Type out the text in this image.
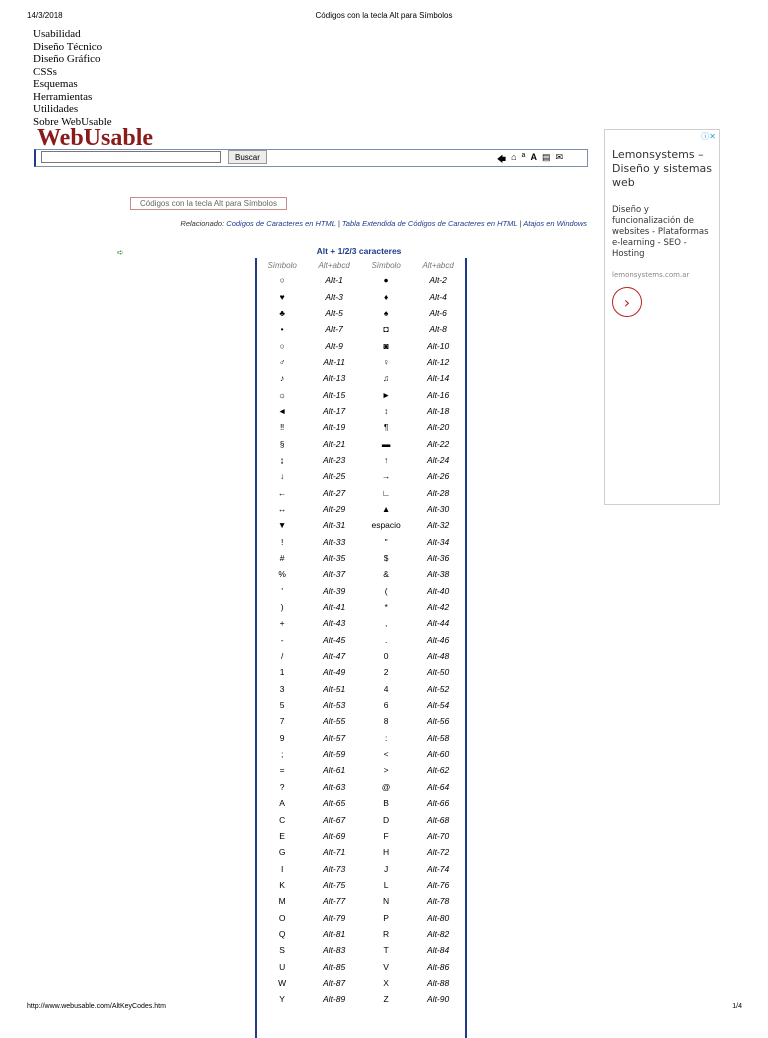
14/3/2018	Códigos con la tecla Alt para Símbolos
Usabilidad
Diseño Técnico
Diseño Gráfico
CSSs
Esquemas
Herramientas
Utilidades
Sobre WebUsable
WebUsable
Buscar	🡄 ⌂ a A ▤ ✉
ⓘ✕
Lemonsystems – Diseño y sistemas web
Diseño y funcionalización de websites - Plataformas e-learning - SEO - Hosting
lemonsystems.com.ar
›
Códigos con la tecla Alt para Símbolos
Relacionado: Codigos de Caracteres en HTML | Tabla Extendida de Códigos de Caracteres en HTML | Atajos en Windows
➪	Alt + 1/2/3 caracteres
Símbolo	Alt+abcd	Símbolo	Alt+abcd
○	Alt-1	●	Alt-2
♥	Alt-3	♦	Alt-4
♣	Alt-5	♠	Alt-6
•	Alt-7	◘	Alt-8
○	Alt-9	◙	Alt-10
♂	Alt-11	♀	Alt-12
♪	Alt-13	♫	Alt-14
☼	Alt-15	►	Alt-16
◄	Alt-17	↕	Alt-18
‼	Alt-19	¶	Alt-20
§	Alt-21	▬	Alt-22
↨	Alt-23	↑	Alt-24
↓	Alt-25	→	Alt-26
←	Alt-27	∟	Alt-28
↔	Alt-29	▲	Alt-30
▼	Alt-31	espacio	Alt-32
!	Alt-33	"	Alt-34
#	Alt-35	$	Alt-36
%	Alt-37	&	Alt-38
'	Alt-39	(	Alt-40
)	Alt-41	*	Alt-42
+	Alt-43	,	Alt-44
-	Alt-45	.	Alt-46
/	Alt-47	0	Alt-48
1	Alt-49	2	Alt-50
3	Alt-51	4	Alt-52
5	Alt-53	6	Alt-54
7	Alt-55	8	Alt-56
9	Alt-57	:	Alt-58
;	Alt-59	<	Alt-60
=	Alt-61	>	Alt-62
?	Alt-63	@	Alt-64
A	Alt-65	B	Alt-66
C	Alt-67	D	Alt-68
E	Alt-69	F	Alt-70
G	Alt-71	H	Alt-72
I	Alt-73	J	Alt-74
K	Alt-75	L	Alt-76
M	Alt-77	N	Alt-78
O	Alt-79	P	Alt-80
Q	Alt-81	R	Alt-82
S	Alt-83	T	Alt-84
U	Alt-85	V	Alt-86
W	Alt-87	X	Alt-88
Y	Alt-89	Z	Alt-90
http://www.webusable.com/AltKeyCodes.htm	1/4
